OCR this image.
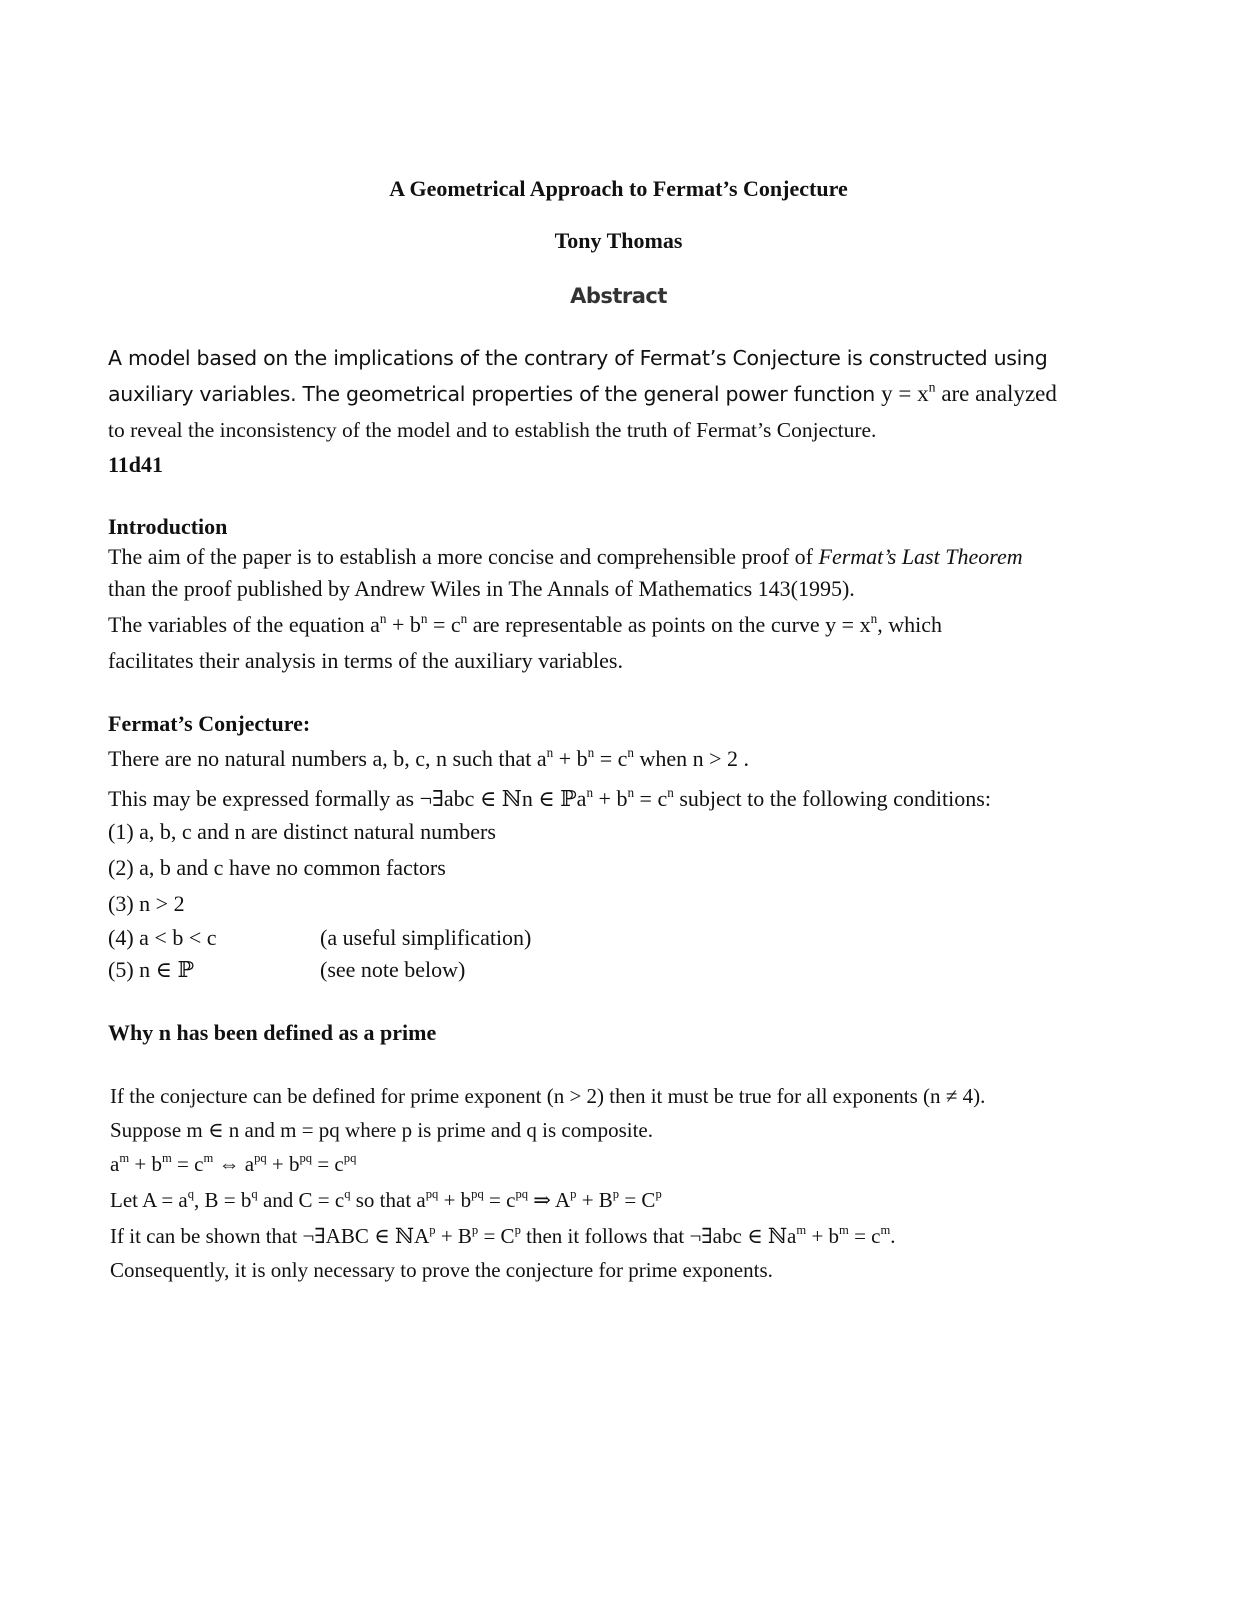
A Geometrical Approach to Fermat’s Conjecture
Tony Thomas
Abstract
A model based on the implications of the contrary of Fermat’s Conjecture is constructed using
auxiliary variables. The geometrical properties of the general power function $y = x^n$ are analyzed
to reveal the inconsistency of the model and to establish the truth of Fermat’s Conjecture.
11d41
Introduction
The aim of the paper is to establish a more concise and comprehensible proof of Fermat’s Last Theorem
than the proof published by Andrew Wiles in The Annals of Mathematics 143(1995).
The variables of the equation $a^n + b^n = c^n$ are representable as points on the curve $y = x^n$, which
facilitates their analysis in terms of the auxiliary variables.
Fermat’s Conjecture:
There are no natural numbers a, b, c, n such that $a^n + b^n = c^n$ when n > 2 .
This may be expressed formally as ¬∃abc ∈ ℕn ∈ ℙa$^n$ + $b^n = c^n$ subject to the following conditions:
(1) a, b, c and n are distinct natural numbers
(2) a, b and c have no common factors
(3) n > 2
(4) a < b < c	(a useful simplification)
(5) n ∈ ℙ	(see note below)
Why n has been defined as a prime
If the conjecture can be defined for prime exponent (n > 2) then it must be true for all exponents (n ≠ 4).
Suppose m ∈ n and m = pq where p is prime and q is composite.
$a^m + b^m = c^m$ ⇔ $a^{pq} + b^{pq} = c^{pq}$
Let $A = a^q$, $B = b^q$ and $C = c^q$ so that $a^{pq} + b^{pq} = c^{pq}$ ⇒ $A^p + B^p = C^p$
If it can be shown that ¬∃ABC ∈ ℕA$^p$ + $B^p = C^p$ then it follows that ¬∃abc ∈ ℕa$^m$ + $b^m = c^m$.
Consequently, it is only necessary to prove the conjecture for prime exponents.
